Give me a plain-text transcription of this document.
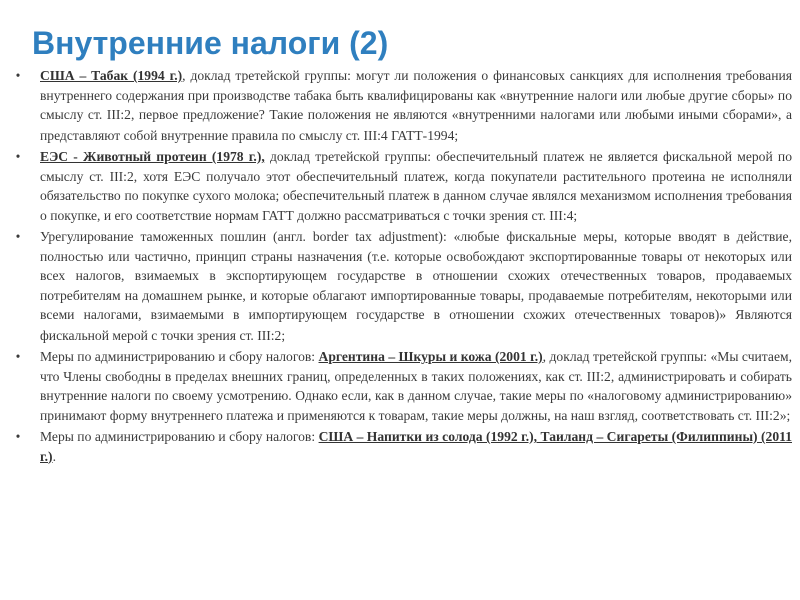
Внутренние налоги (2)
•	США – Табак (1994 г.), доклад третейской группы: могут ли положения о финансовых санкциях для исполнения требования внутреннего содержания при производстве табака быть квалифицированы как «внутренние налоги или любые другие сборы» по смыслу ст. III:2, первое предложение? Такие положения не являются «внутренними налогами или любыми иными сборами», а представляют собой внутренние правила по смыслу ст. III:4 ГАТТ-1994;
•	ЕЭС - Животный протеин (1978 г.), доклад третейской группы: обеспечительный платеж не является фискальной мерой по смыслу ст. III:2, хотя ЕЭС получало этот обеспечительный платеж, когда покупатели растительного протеина не исполняли обязательство по покупке сухого молока; обеспечительный платеж в данном случае являлся механизмом исполнения требования о покупке, и его соответствие нормам ГАТТ должно рассматриваться с точки зрения ст. III:4;
•	Урегулирование таможенных пошлин (англ. border tax adjustment): «любые фискальные меры, которые вводят в действие, полностью или частично, принцип страны назначения (т.е. которые освобождают экспортированные товары от некоторых или всех налогов, взимаемых в экспортирующем государстве в отношении схожих отечественных товаров, продаваемых потребителям на домашнем рынке, и которые облагают импортированные товары, продаваемые потребителям, некоторыми или всеми налогами, взимаемыми в импортирующем государстве в отношении схожих отечественных товаров)» Являются фискальной мерой с точки зрения ст. III:2;
•	Меры по администрированию и сбору налогов: Аргентина – Шкуры и кожа (2001 г.), доклад третейской группы: «Мы считаем, что Члены свободны в пределах внешних границ, определенных в таких положениях, как ст. III:2, администрировать и собирать внутренние налоги по своему усмотрению. Однако если, как в данном случае, такие меры по «налоговому администрированию» принимают форму внутреннего платежа и применяются к товарам, такие меры должны, на наш взгляд, соответствовать ст. III:2»;
•	Меры по администрированию и сбору налогов: США – Напитки из солода (1992 г.), Таиланд – Сигареты (Филиппины) (2011 г.).
